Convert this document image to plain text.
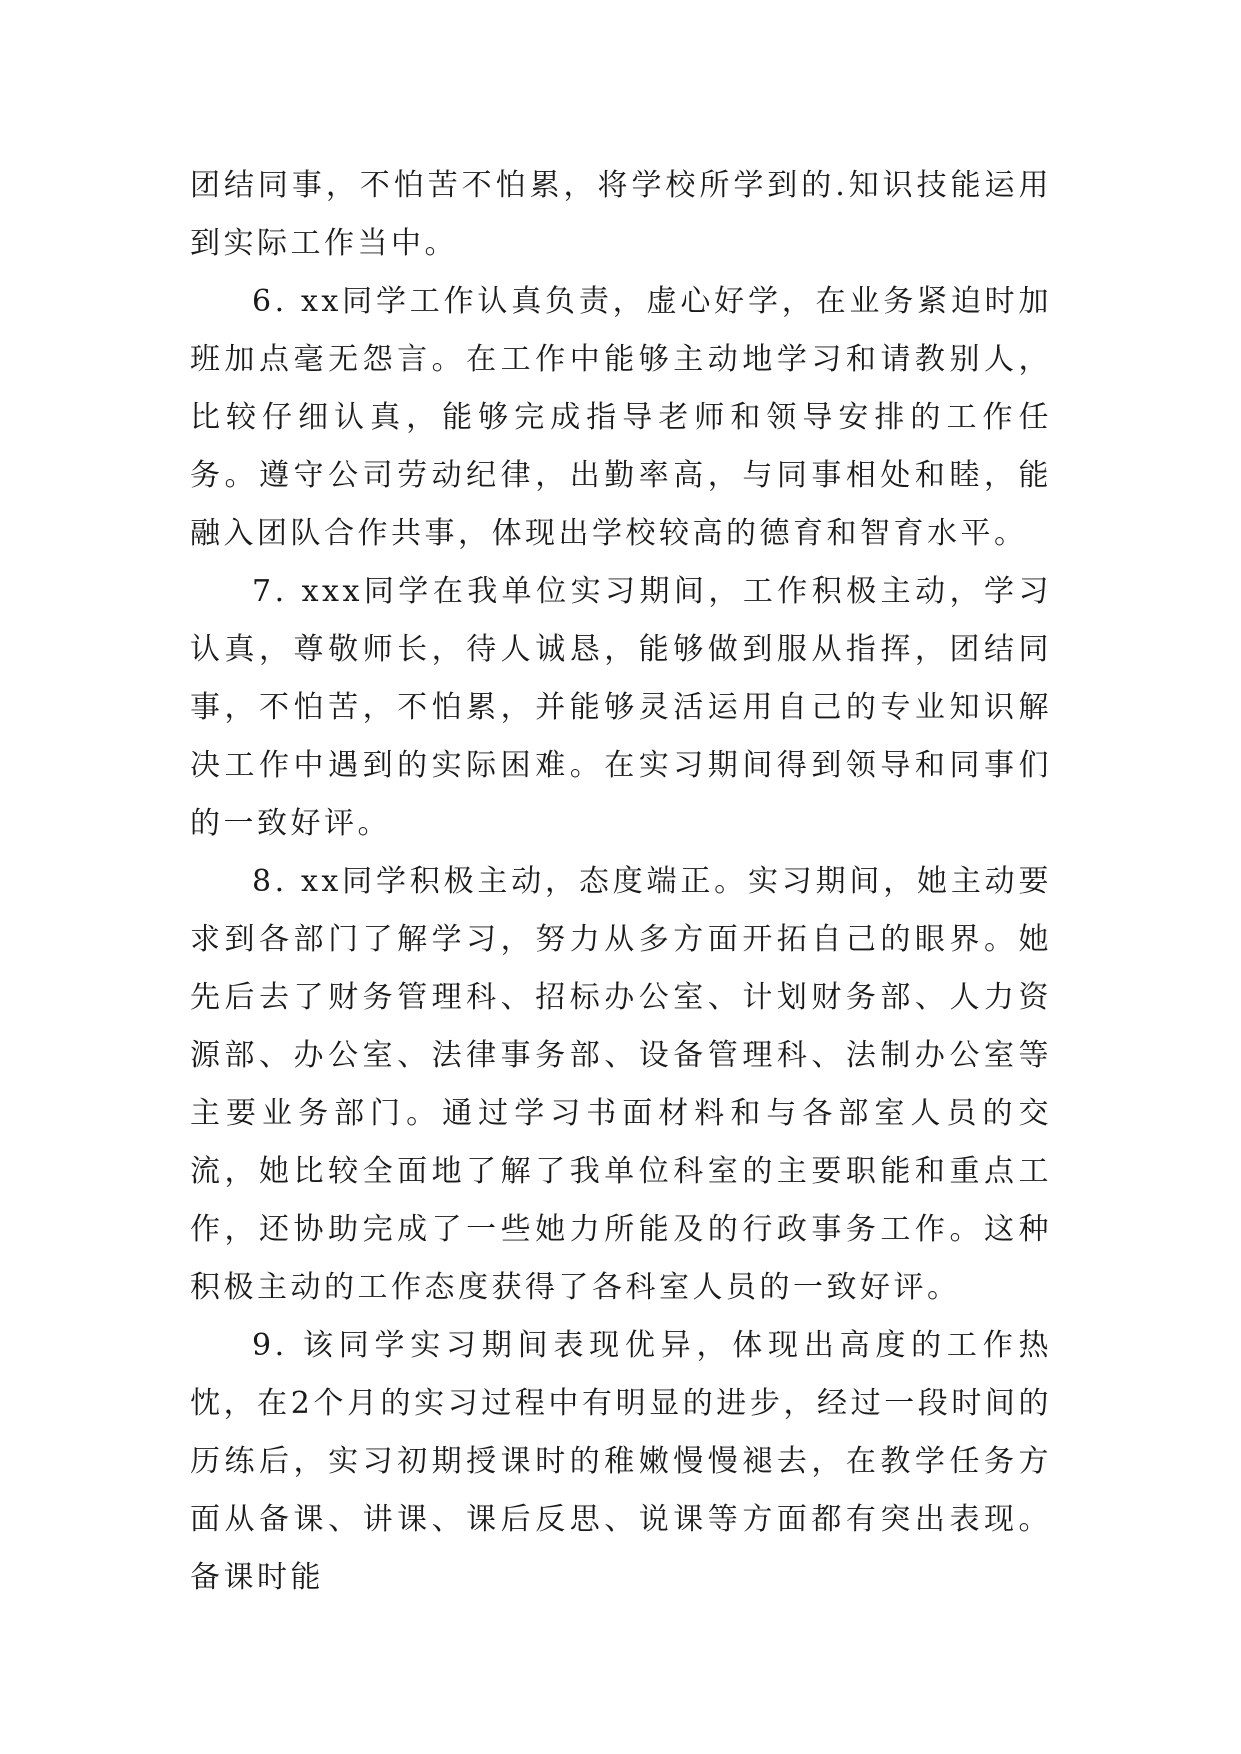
团结同事，不怕苦不怕累，将学校所学到的.知识技能运用到实际工作当中。

6. xx同学工作认真负责，虚心好学，在业务紧迫时加班加点毫无怨言。在工作中能够主动地学习和请教别人，比较仔细认真，能够完成指导老师和领导安排的工作任务。遵守公司劳动纪律，出勤率高，与同事相处和睦，能融入团队合作共事，体现出学校较高的德育和智育水平。

7. xxx同学在我单位实习期间，工作积极主动，学习认真，尊敬师长，待人诚恳，能够做到服从指挥，团结同事，不怕苦，不怕累，并能够灵活运用自己的专业知识解决工作中遇到的实际困难。在实习期间得到领导和同事们的一致好评。

8. xx同学积极主动，态度端正。实习期间，她主动要求到各部门了解学习，努力从多方面开拓自己的眼界。她先后去了财务管理科、招标办公室、计划财务部、人力资源部、办公室、法律事务部、设备管理科、法制办公室等主要业务部门。通过学习书面材料和与各部室人员的交流，她比较全面地了解了我单位科室的主要职能和重点工作，还协助完成了一些她力所能及的行政事务工作。这种积极主动的工作态度获得了各科室人员的一致好评。

9. 该同学实习期间表现优异，体现出高度的工作热忱，在2个月的实习过程中有明显的进步，经过一段时间的历练后，实习初期授课时的稚嫩慢慢褪去，在教学任务方面从备课、讲课、课后反思、说课等方面都有突出表现。备课时能
